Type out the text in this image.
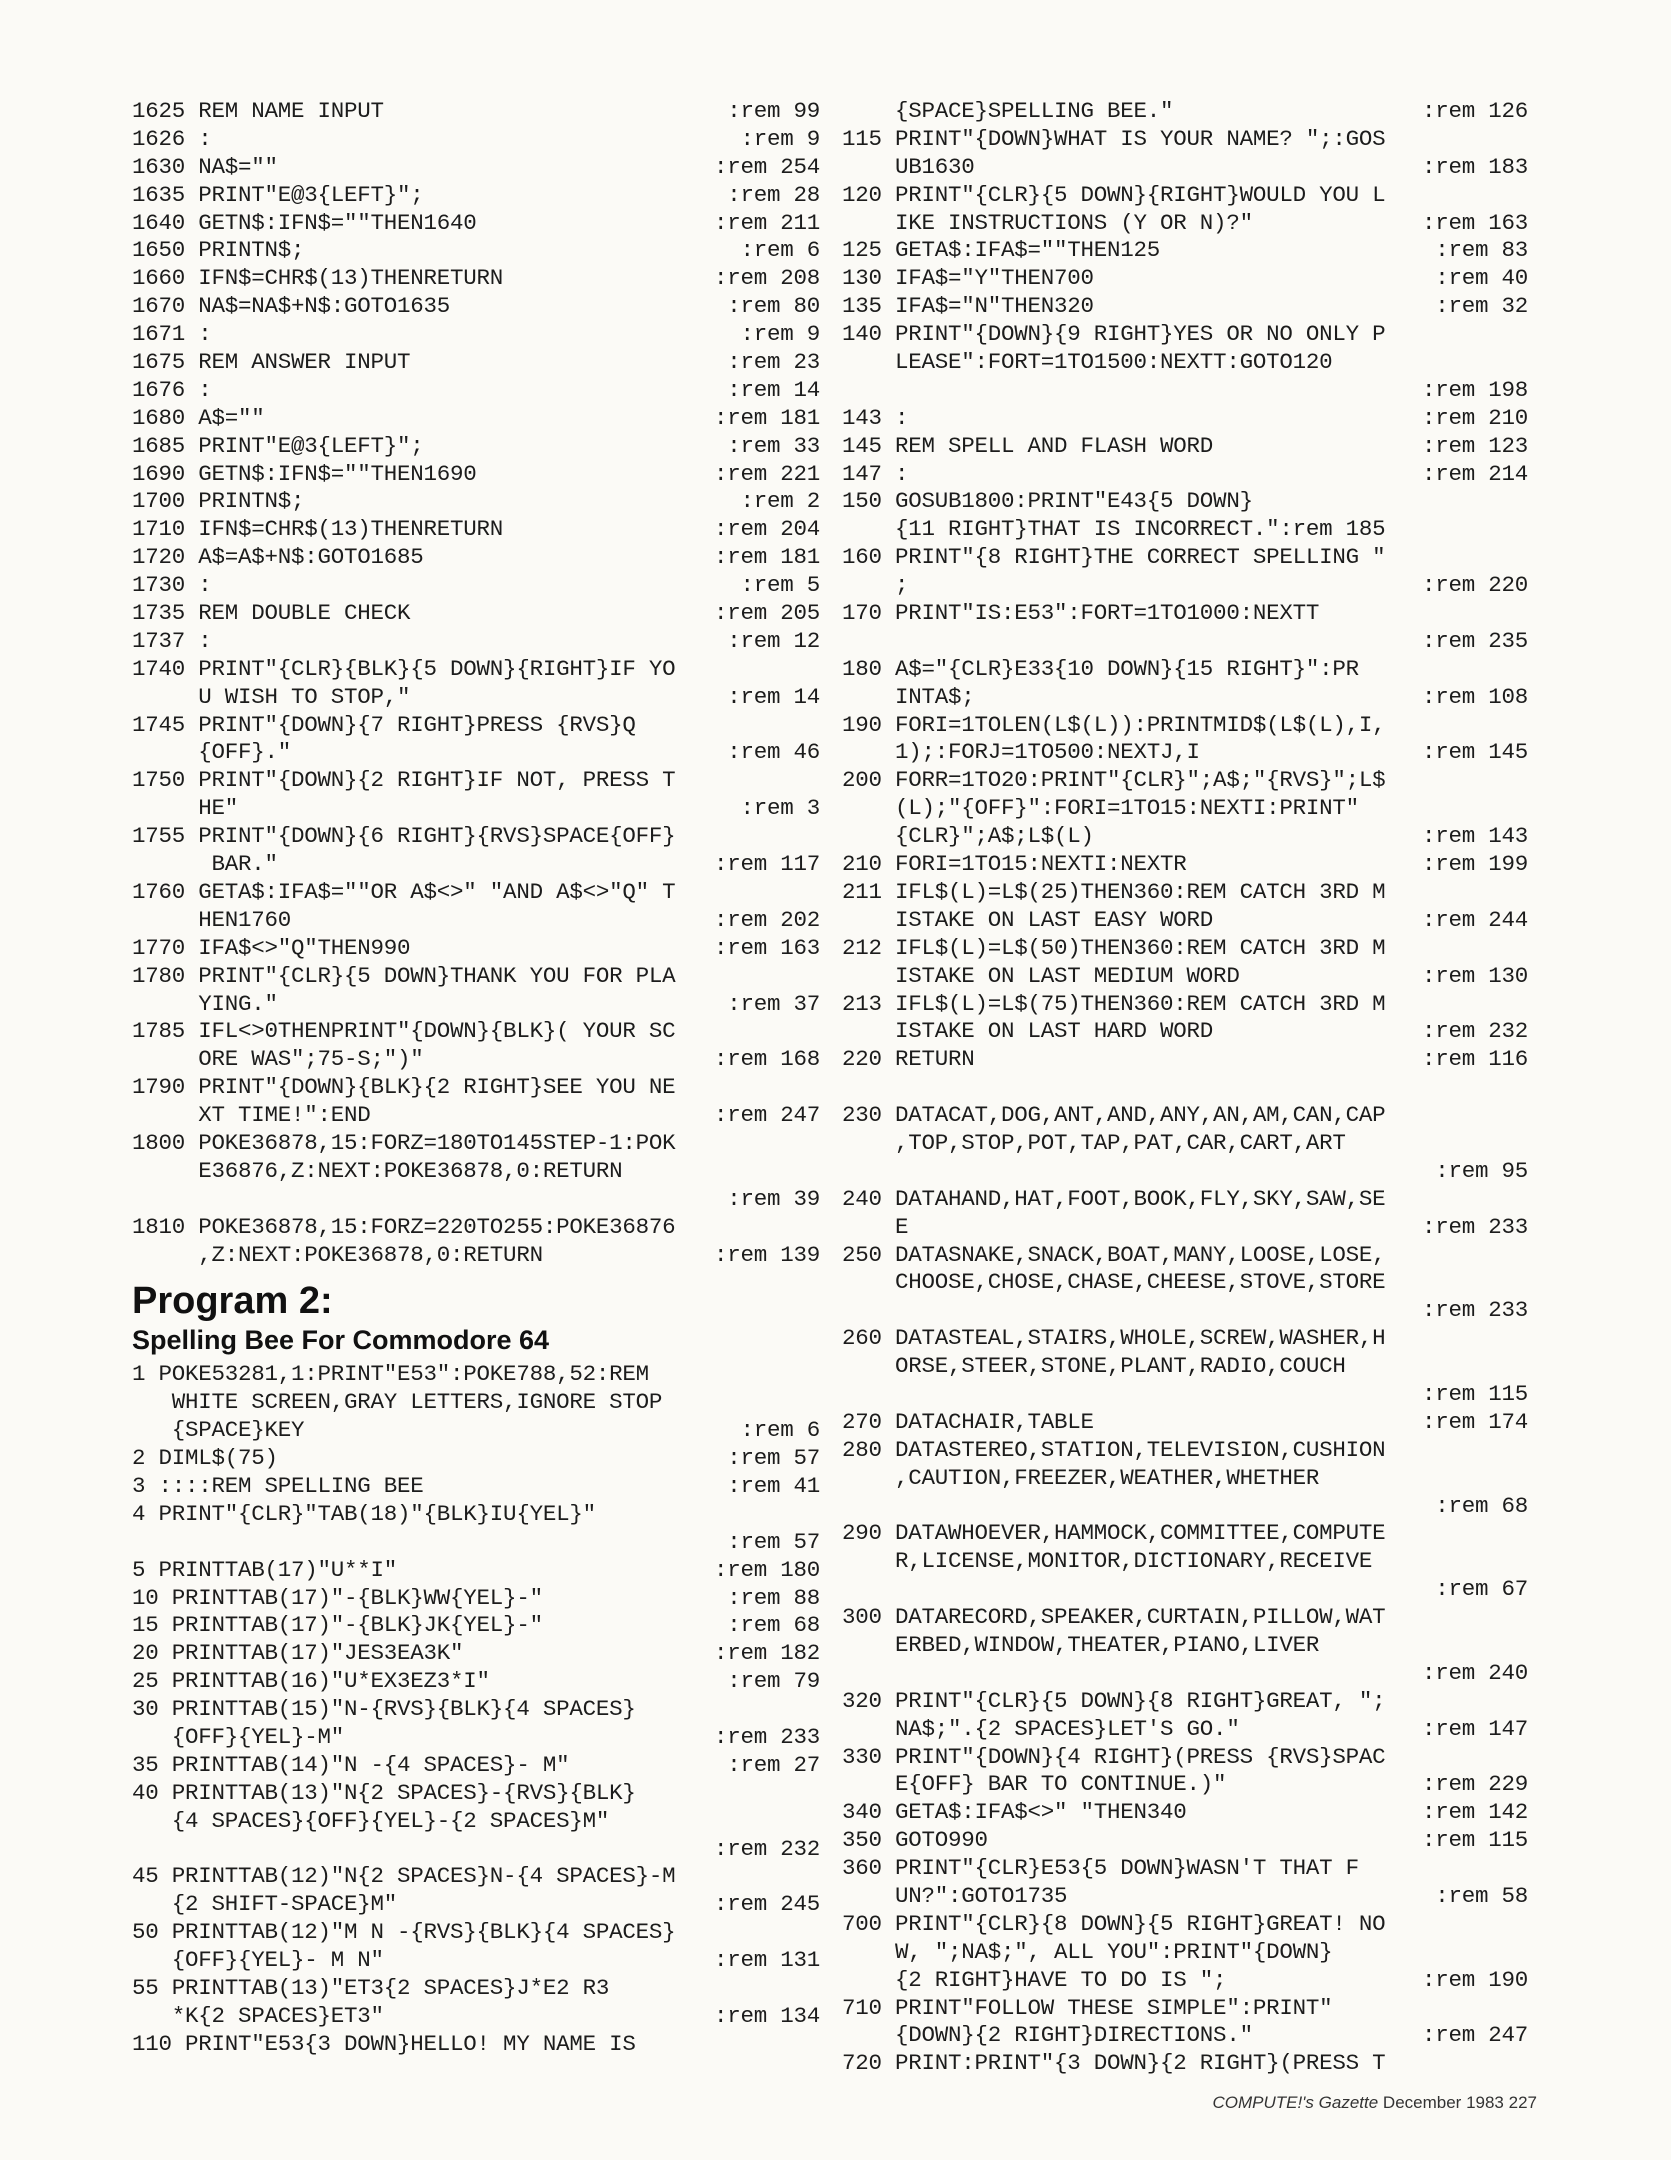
1625 REM NAME INPUT	:rem 99
1626 :	:rem 9
1630 NA$=""	:rem 254
1635 PRINT"E@3{LEFT}";	:rem 28
1640 GETN$:IFN$=""THEN1640	:rem 211
1650 PRINTN$;	:rem 6
1660 IFN$=CHR$(13)THENRETURN	:rem 208
1670 NA$=NA$+N$:GOTO1635	:rem 80
1671 :	:rem 9
1675 REM ANSWER INPUT	:rem 23
1676 :	:rem 14
1680 A$=""	:rem 181
1685 PRINT"E@3{LEFT}";	:rem 33
1690 GETN$:IFN$=""THEN1690	:rem 221
1700 PRINTN$;	:rem 2
1710 IFN$=CHR$(13)THENRETURN	:rem 204
1720 A$=A$+N$:GOTO1685	:rem 181
1730 :	:rem 5
1735 REM DOUBLE CHECK	:rem 205
1737 :	:rem 12
1740 PRINT"{CLR}{BLK}{5 DOWN}{RIGHT}IF YO
U WISH TO STOP,"	:rem 14
1745 PRINT"{DOWN}{7 RIGHT}PRESS {RVS}Q
{OFF}."	:rem 46
1750 PRINT"{DOWN}{2 RIGHT}IF NOT, PRESS T
HE"	:rem 3
1755 PRINT"{DOWN}{6 RIGHT}{RVS}SPACE{OFF}
BAR."	:rem 117
1760 GETA$:IFA$=""OR A$<>" "AND A$<>"Q" T
HEN1760	:rem 202
1770 IFA$<>"Q"THEN990	:rem 163
1780 PRINT"{CLR}{5 DOWN}THANK YOU FOR PLA
YING."	:rem 37
1785 IFL<>0THENPRINT"{DOWN}{BLK}( YOUR SC
ORE WAS";75-S;")"	:rem 168
1790 PRINT"{DOWN}{BLK}{2 RIGHT}SEE YOU NE
XT TIME!":END	:rem 247
1800 POKE36878,15:FORZ=180TO145STEP-1:POK
E36876,Z:NEXT:POKE36878,0:RETURN
:rem 39
1810 POKE36878,15:FORZ=220TO255:POKE36876
,Z:NEXT:POKE36878,0:RETURN	:rem 139
Program 2:
Spelling Bee For Commodore 64
1 POKE53281,1:PRINT"E53":POKE788,52:REM
WHITE SCREEN,GRAY LETTERS,IGNORE STOP
{SPACE}KEY	:rem 6
2 DIML$(75)	:rem 57
3 ::::REM SPELLING BEE	:rem 41
4 PRINT"{CLR}"TAB(18)"{BLK}IU{YEL}"
:rem 57
5 PRINTTAB(17)"U**I"	:rem 180
10 PRINTTAB(17)"-{BLK}WW{YEL}-"	:rem 88
15 PRINTTAB(17)"-{BLK}JK{YEL}-"	:rem 68
20 PRINTTAB(17)"JES3EA3K"	:rem 182
25 PRINTTAB(16)"U*EX3EZ3*I"	:rem 79
30 PRINTTAB(15)"N-{RVS}{BLK}{4 SPACES}
{OFF}{YEL}-M"	:rem 233
35 PRINTTAB(14)"N -{4 SPACES}- M"	:rem 27
40 PRINTTAB(13)"N{2 SPACES}-{RVS}{BLK}
{4 SPACES}{OFF}{YEL}-{2 SPACES}M"
:rem 232
45 PRINTTAB(12)"N{2 SPACES}N-{4 SPACES}-M
{2 SHIFT-SPACE}M"	:rem 245
50 PRINTTAB(12)"M N -{RVS}{BLK}{4 SPACES}
{OFF}{YEL}- M N"	:rem 131
55 PRINTTAB(13)"ET3{2 SPACES}J*E2 R3
*K{2 SPACES}ET3"	:rem 134
110 PRINT"E53{3 DOWN}HELLO! MY NAME IS
{SPACE}SPELLING BEE."	:rem 126
115 PRINT"{DOWN}WHAT IS YOUR NAME? ";:GOS
UB1630	:rem 183
120 PRINT"{CLR}{5 DOWN}{RIGHT}WOULD YOU L
IKE INSTRUCTIONS (Y OR N)?"	:rem 163
125 GETA$:IFA$=""THEN125	:rem 83
130 IFA$="Y"THEN700	:rem 40
135 IFA$="N"THEN320	:rem 32
140 PRINT"{DOWN}{9 RIGHT}YES OR NO ONLY P
LEASE":FORT=1TO1500:NEXTT:GOTO120
:rem 198
143 :	:rem 210
145 REM SPELL AND FLASH WORD	:rem 123
147 :	:rem 214
150 GOSUB1800:PRINT"E43{5 DOWN}
{11 RIGHT}THAT IS INCORRECT.":rem 185
160 PRINT"{8 RIGHT}THE CORRECT SPELLING "
;	:rem 220
170 PRINT"IS:E53":FORT=1TO1000:NEXTT
:rem 235
180 A$="{CLR}E33{10 DOWN}{15 RIGHT}":PR
INTA$;	:rem 108
190 FORI=1TOLEN(L$(L)):PRINTMID$(L$(L),I,
1);:FORJ=1TO500:NEXTJ,I	:rem 145
200 FORR=1TO20:PRINT"{CLR}";A$;"{RVS}";L$
(L);"{OFF}":FORI=1TO15:NEXTI:PRINT"
{CLR}";A$;L$(L)	:rem 143
210 FORI=1TO15:NEXTI:NEXTR	:rem 199
211 IFL$(L)=L$(25)THEN360:REM CATCH 3RD M
ISTAKE ON LAST EASY WORD	:rem 244
212 IFL$(L)=L$(50)THEN360:REM CATCH 3RD M
ISTAKE ON LAST MEDIUM WORD	:rem 130
213 IFL$(L)=L$(75)THEN360:REM CATCH 3RD M
ISTAKE ON LAST HARD WORD	:rem 232
220 RETURN	:rem 116
230 DATACAT,DOG,ANT,AND,ANY,AN,AM,CAN,CAP
,TOP,STOP,POT,TAP,PAT,CAR,CART,ART
:rem 95
240 DATAHAND,HAT,FOOT,BOOK,FLY,SKY,SAW,SE
E	:rem 233
250 DATASNAKE,SNACK,BOAT,MANY,LOOSE,LOSE,
CHOOSE,CHOSE,CHASE,CHEESE,STOVE,STORE
:rem 233
260 DATASTEAL,STAIRS,WHOLE,SCREW,WASHER,H
ORSE,STEER,STONE,PLANT,RADIO,COUCH
:rem 115
270 DATACHAIR,TABLE	:rem 174
280 DATASTEREO,STATION,TELEVISION,CUSHION
,CAUTION,FREEZER,WEATHER,WHETHER
:rem 68
290 DATAWHOEVER,HAMMOCK,COMMITTEE,COMPUTE
R,LICENSE,MONITOR,DICTIONARY,RECEIVE
:rem 67
300 DATARECORD,SPEAKER,CURTAIN,PILLOW,WAT
ERBED,WINDOW,THEATER,PIANO,LIVER
:rem 240
320 PRINT"{CLR}{5 DOWN}{8 RIGHT}GREAT, ";
NA$;".{2 SPACES}LET'S GO."	:rem 147
330 PRINT"{DOWN}{4 RIGHT}(PRESS {RVS}SPAC
E{OFF} BAR TO CONTINUE.)"	:rem 229
340 GETA$:IFA$<>" "THEN340	:rem 142
350 GOTO990	:rem 115
360 PRINT"{CLR}E53{5 DOWN}WASN'T THAT F
UN?":GOTO1735	:rem 58
700 PRINT"{CLR}{8 DOWN}{5 RIGHT}GREAT! NO
W, ";NA$;", ALL YOU":PRINT"{DOWN}
{2 RIGHT}HAVE TO DO IS ";	:rem 190
710 PRINT"FOLLOW THESE SIMPLE":PRINT"
{DOWN}{2 RIGHT}DIRECTIONS."	:rem 247
720 PRINT:PRINT"{3 DOWN}{2 RIGHT}(PRESS T
COMPUTE!'s Gazette December 1983 227
